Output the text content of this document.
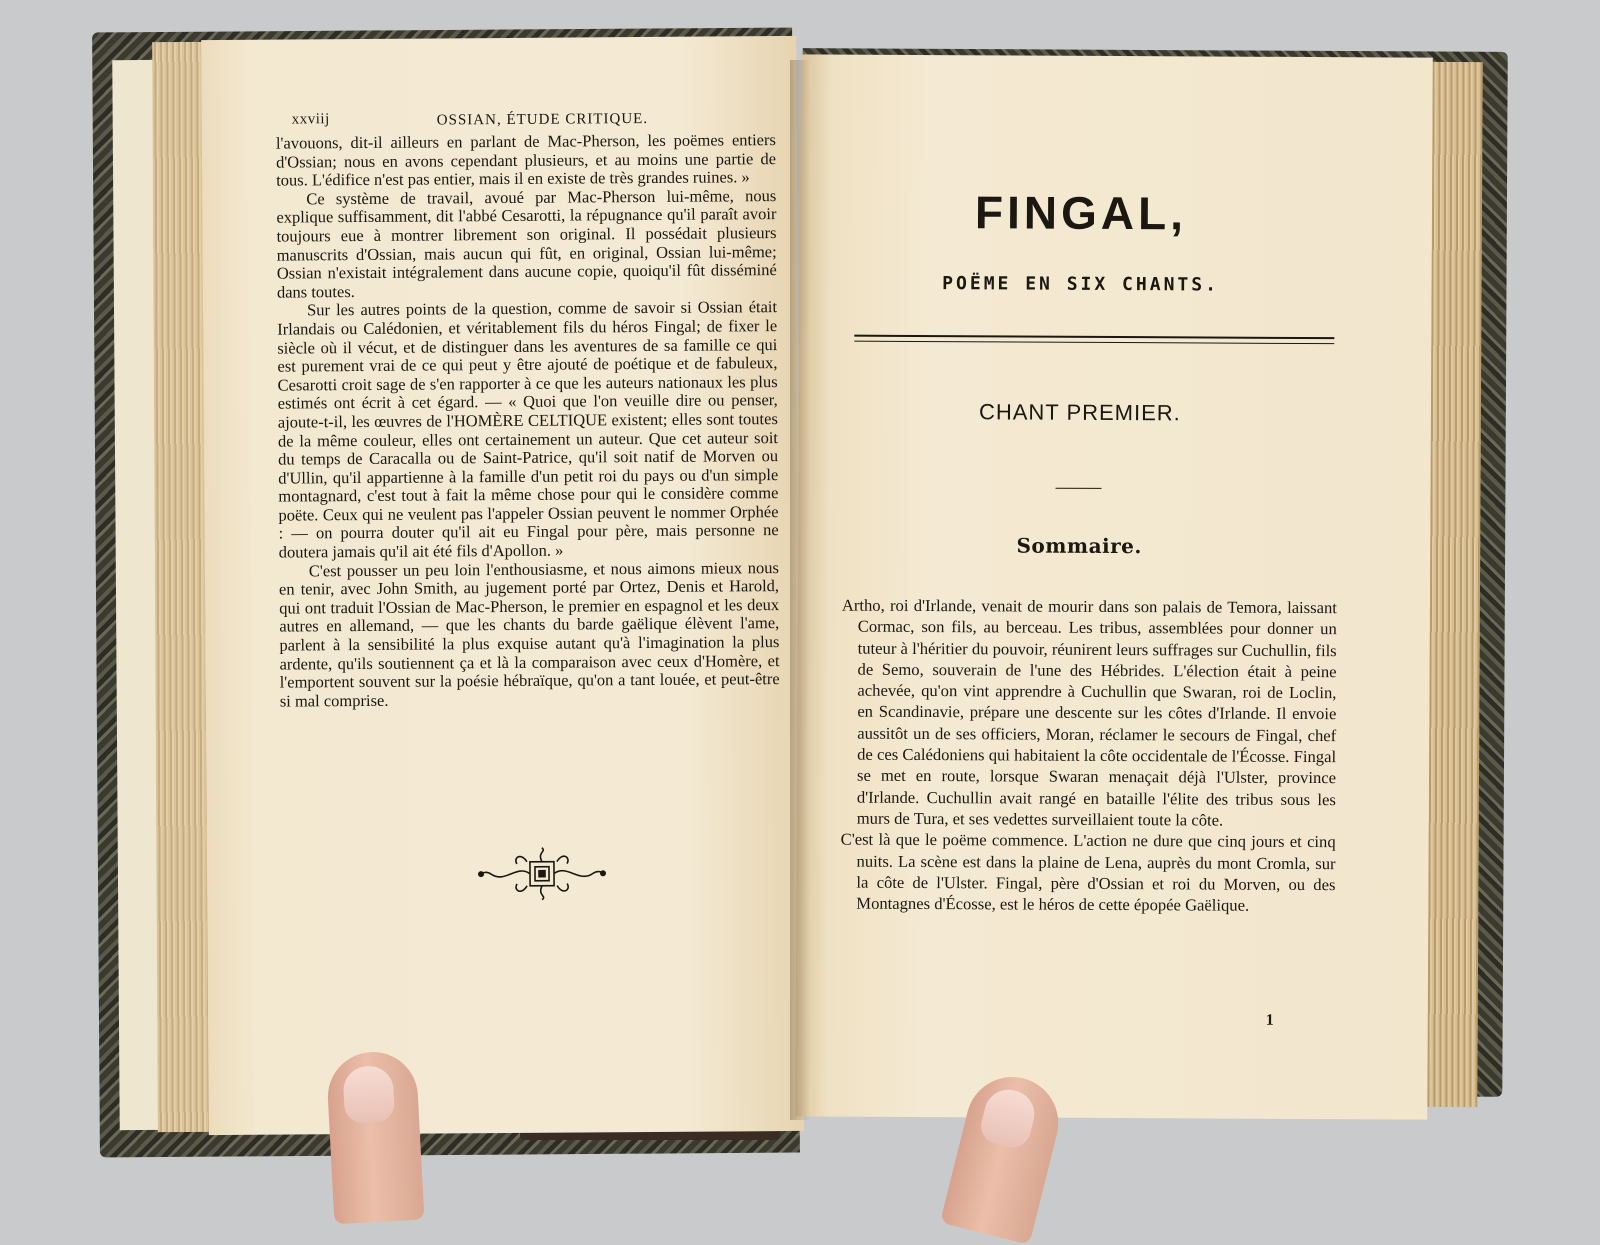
xxviij	OSSIAN, ÉTUDE CRITIQUE.

l'avouons, dit-il ailleurs en parlant de Mac-Pherson, les poëmes entiers d'Ossian; nous en avons cependant plusieurs, et au moins une partie de tous. L'édifice n'est pas entier, mais il en existe de très grandes ruines. »

Ce système de travail, avoué par Mac-Pherson lui-même, nous explique suffisamment, dit l'abbé Cesarotti, la répugnance qu'il paraît avoir toujours eue à montrer librement son original. Il possédait plusieurs manuscrits d'Ossian, mais aucun qui fût, en original, Ossian lui-même; Ossian n'existait intégralement dans aucune copie, quoiqu'il fût disséminé dans toutes.

Sur les autres points de la question, comme de savoir si Ossian était Irlandais ou Calédonien, et véritablement fils du héros Fingal; de fixer le siècle où il vécut, et de distinguer dans les aventures de sa famille ce qui est purement vrai de ce qui peut y être ajouté de poétique et de fabuleux, Cesarotti croit sage de s'en rapporter à ce que les auteurs nationaux les plus estimés ont écrit à cet égard. — « Quoi que l'on veuille dire ou penser, ajoute-t-il, les œuvres de l'HOMÈRE CELTIQUE existent; elles sont toutes de la même couleur, elles ont certainement un auteur. Que cet auteur soit du temps de Caracalla ou de Saint-Patrice, qu'il soit natif de Morven ou d'Ullin, qu'il appartienne à la famille d'un petit roi du pays ou d'un simple montagnard, c'est tout à fait la même chose pour qui le considère comme poëte. Ceux qui ne veulent pas l'appeler Ossian peuvent le nommer Orphée : — on pourra douter qu'il ait eu Fingal pour père, mais personne ne doutera jamais qu'il ait été fils d'Apollon. »

C'est pousser un peu loin l'enthousiasme, et nous aimons mieux nous en tenir, avec John Smith, au jugement porté par Ortez, Denis et Harold, qui ont traduit l'Ossian de Mac-Pherson, le premier en espagnol et les deux autres en allemand, — que les chants du barde gaëlique élèvent l'ame, parlent à la sensibilité la plus exquise autant qu'à l'imagination la plus ardente, qu'ils soutiennent ça et là la comparaison avec ceux d'Homère, et l'emportent souvent sur la poésie hébraïque, qu'on a tant louée, et peut-être si mal comprise.

FINGAL,
POËME EN SIX CHANTS.
CHANT PREMIER.
Sommaire.

Artho, roi d'Irlande, venait de mourir dans son palais de Temora, laissant Cormac, son fils, au berceau. Les tribus, assemblées pour donner un tuteur à l'héritier du pouvoir, réunirent leurs suffrages sur Cuchullin, fils de Semo, souverain de l'une des Hébrides. L'élection était à peine achevée, qu'on vint apprendre à Cuchullin que Swaran, roi de Loclin, en Scandinavie, prépare une descente sur les côtes d'Irlande. Il envoie aussitôt un de ses officiers, Moran, réclamer le secours de Fingal, chef de ces Calédoniens qui habitaient la côte occidentale de l'Écosse. Fingal se met en route, lorsque Swaran menaçait déjà l'Ulster, province d'Irlande. Cuchullin avait rangé en bataille l'élite des tribus sous les murs de Tura, et ses vedettes surveillaient toute la côte.

C'est là que le poëme commence. L'action ne dure que cinq jours et cinq nuits. La scène est dans la plaine de Lena, auprès du mont Cromla, sur la côte de l'Ulster. Fingal, père d'Ossian et roi du Morven, ou des Montagnes d'Écosse, est le héros de cette épopée Gaëlique.

1
